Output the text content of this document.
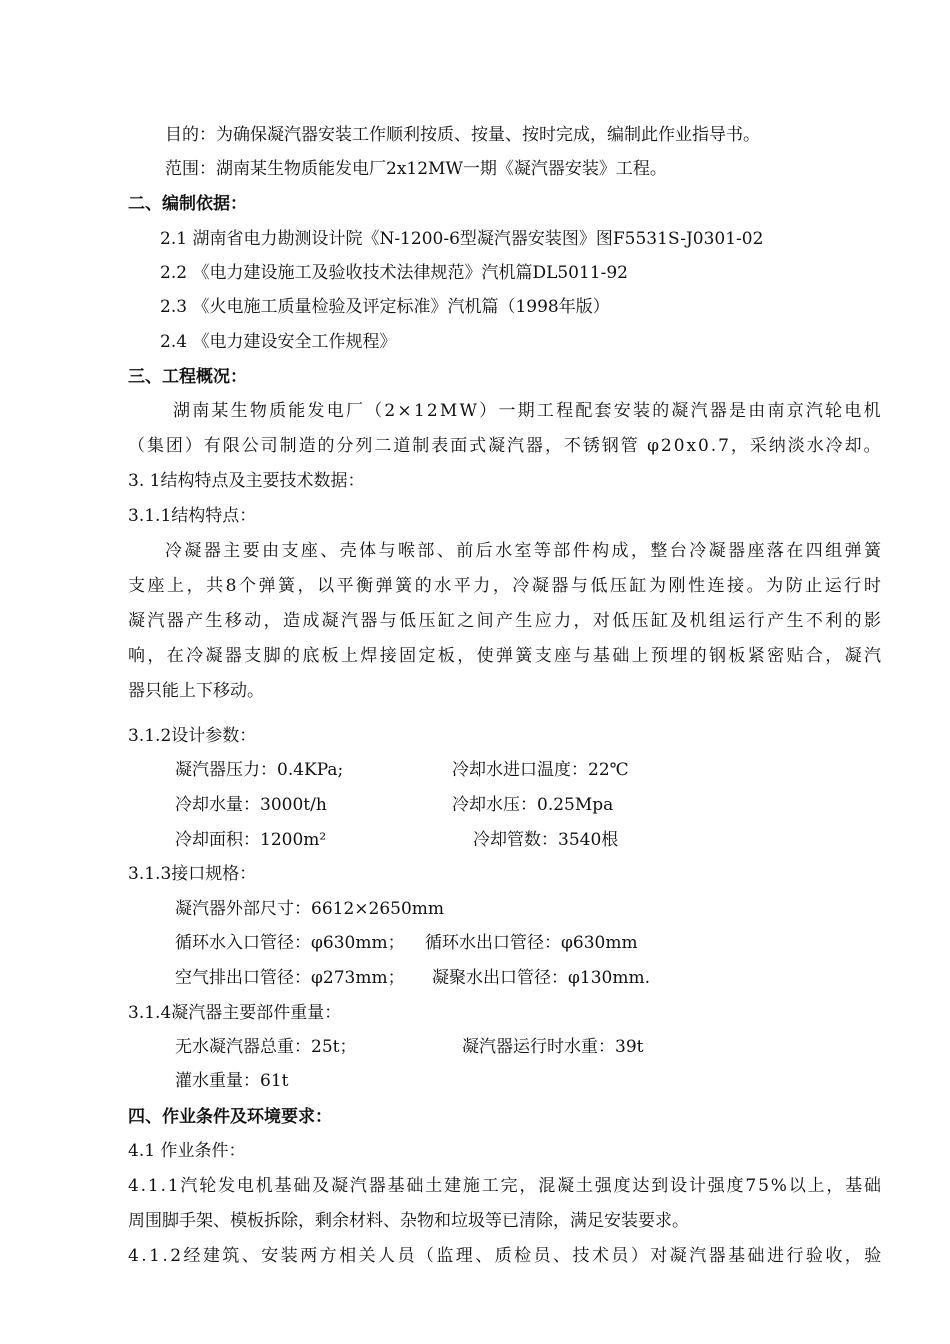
目的：为确保凝汽器安装工作顺利按质、按量、按时完成，编制此作业指导书。
范围：湖南某生物质能发电厂2x12MW一期《凝汽器安装》工程。
二、编制依据：
2.1 湖南省电力勘测设计院《N-1200-6型凝汽器安装图》图F5531S-J0301-02
2.2 《电力建设施工及验收技术法律规范》汽机篇DL5011-92
2.3 《火电施工质量检验及评定标准》汽机篇（1998年版）
2.4 《电力建设安全工作规程》
三、工程概况：
湖南某生物质能发电厂（2×12MW）一期工程配套安装的凝汽器是由南京汽轮电机
（集团）有限公司制造的分列二道制表面式凝汽器，不锈钢管 φ20x0.7，采纳淡水冷却。
3. 1结构特点及主要技术数据：
3.1.1结构特点：
冷凝器主要由支座、壳体与喉部、前后水室等部件构成，整台冷凝器座落在四组弹簧
支座上，共8个弹簧，以平衡弹簧的水平力，冷凝器与低压缸为刚性连接。为防止运行时
凝汽器产生移动，造成凝汽器与低压缸之间产生应力，对低压缸及机组运行产生不利的影
响，在冷凝器支脚的底板上焊接固定板，使弹簧支座与基础上预埋的钢板紧密贴合，凝汽
器只能上下移动。
3.1.2设计参数：
凝汽器压力：0.4KPa;	冷却水进口温度：22℃
冷却水量：3000t/h	冷却水压：0.25Mpa
冷却面积：1200m²	冷却管数：3540根
3.1.3接口规格：
凝汽器外部尺寸：6612×2650mm
循环水入口管径：φ630mm； 循环水出口管径：φ630mm
空气排出口管径：φ273mm； 凝聚水出口管径：φ130mm.
3.1.4凝汽器主要部件重量：
无水凝汽器总重：25t；	凝汽器运行时水重：39t
灌水重量：61t
四、作业条件及环境要求：
4.1 作业条件：
4.1.1汽轮发电机基础及凝汽器基础土建施工完，混凝土强度达到设计强度75%以上，基础
周围脚手架、模板拆除，剩余材料、杂物和垃圾等已清除，满足安装要求。
4.1.2经建筑、安装两方相关人员（监理、质检员、技术员）对凝汽器基础进行验收，验
